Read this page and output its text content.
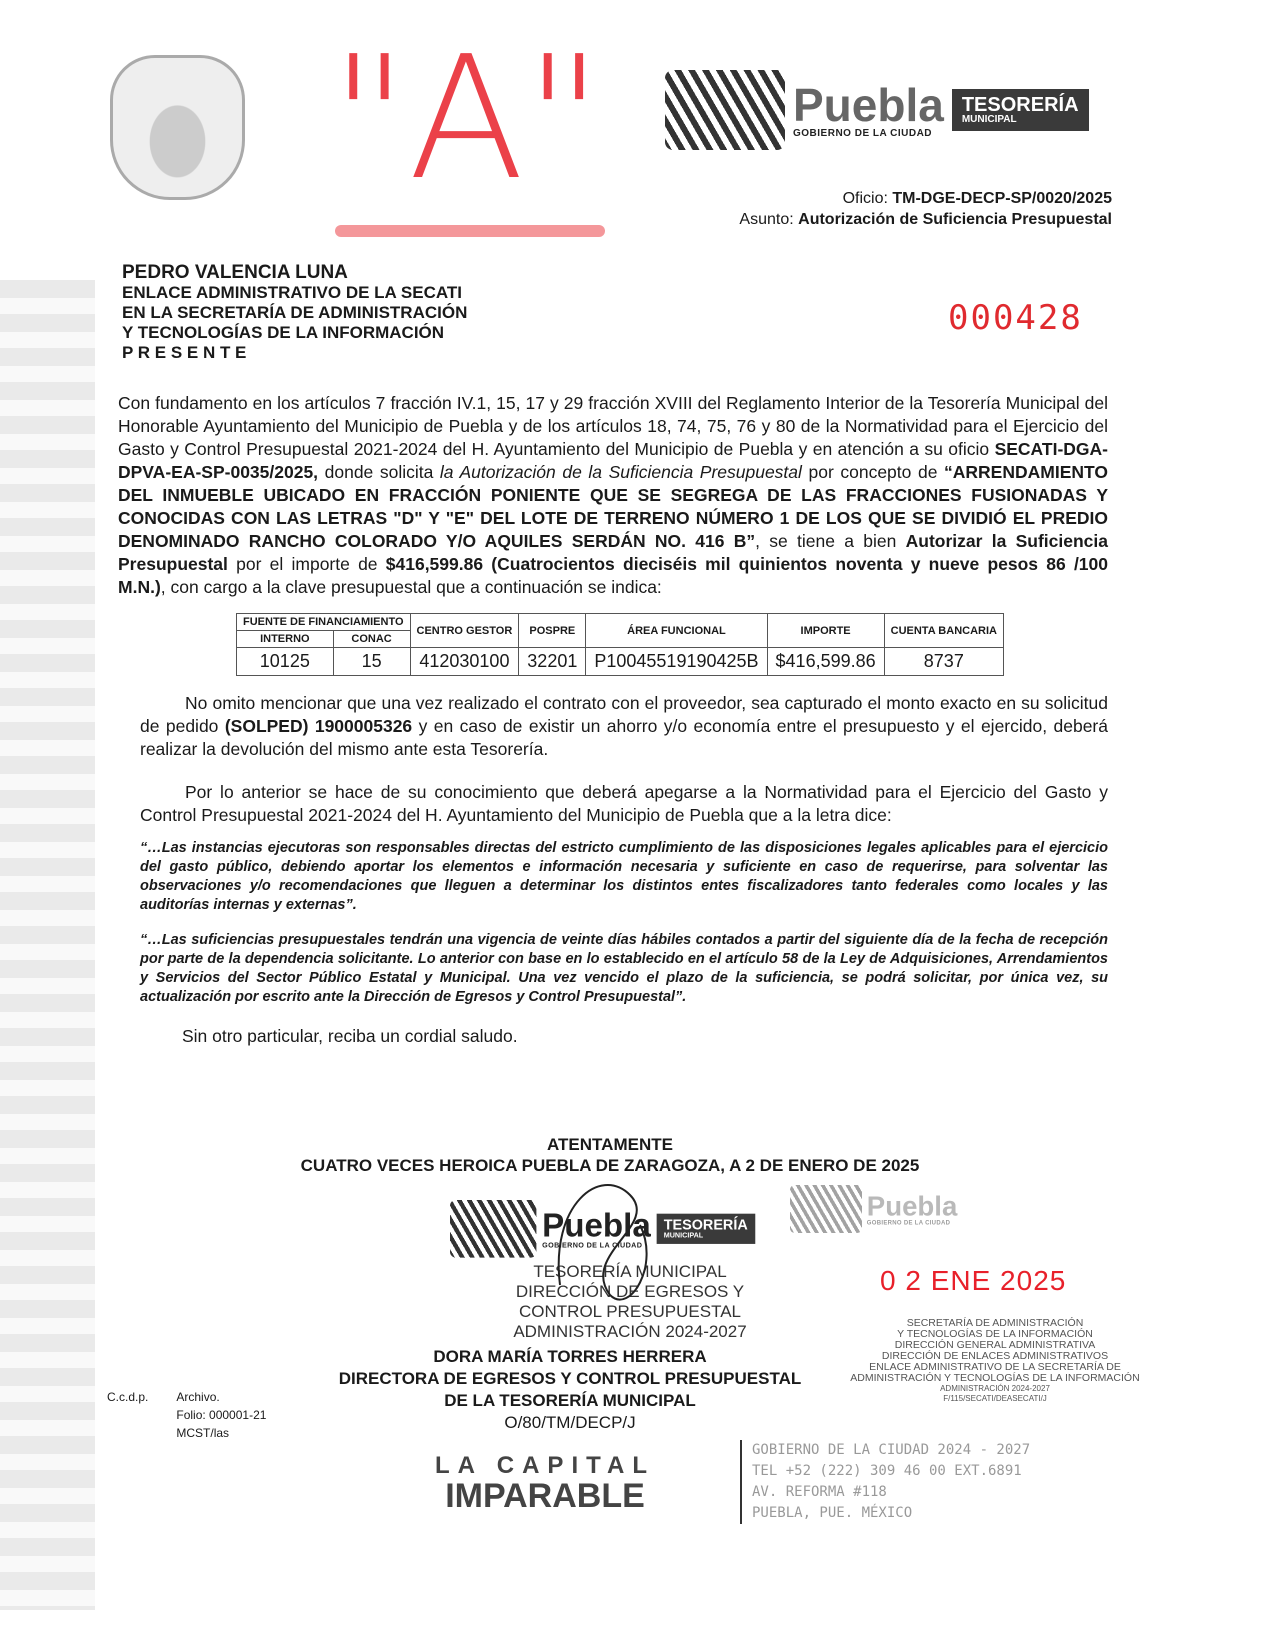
"A"	Puebla
GOBIERNO DE LA CIUDAD
TESORERÍA
MUNICIPAL
Oficio: TM-DGE-DECP-SP/0020/2025
Asunto: Autorización de Suficiencia Presupuestal
PEDRO VALENCIA LUNA
ENLACE ADMINISTRATIVO DE LA SECATI
EN LA SECRETARÍA DE ADMINISTRACIÓN
Y TECNOLOGÍAS DE LA INFORMACIÓN
P R E S E N T E
000428
Con fundamento en los artículos 7 fracción IV.1, 15, 17 y 29 fracción XVIII del Reglamento Interior de la Tesorería Municipal del Honorable Ayuntamiento del Municipio de Puebla y de los artículos 18, 74, 75, 76 y 80 de la Normatividad para el Ejercicio del Gasto y Control Presupuestal 2021-2024 del H. Ayuntamiento del Municipio de Puebla y en atención a su oficio SECATI-DGA-DPVA-EA-SP-0035/2025, donde solicita la Autorización de la Suficiencia Presupuestal por concepto de “ARRENDAMIENTO DEL INMUEBLE UBICADO EN FRACCIÓN PONIENTE QUE SE SEGREGA DE LAS FRACCIONES FUSIONADAS Y CONOCIDAS CON LAS LETRAS "D" Y "E" DEL LOTE DE TERRENO NÚMERO 1 DE LOS QUE SE DIVIDIÓ EL PREDIO DENOMINADO RANCHO COLORADO Y/O AQUILES SERDÁN NO. 416 B”, se tiene a bien Autorizar la Suficiencia Presupuestal por el importe de $416,599.86 (Cuatrocientos dieciséis mil quinientos noventa y nueve pesos 86 /100 M.N.), con cargo a la clave presupuestal que a continuación se indica:
FUENTE DE FINANCIAMIENTO		CENTRO GESTOR	POSPRE	ÁREA FUNCIONAL	IMPORTE	CUENTA BANCARIA
INTERNO	CONAC					
10125	15	412030100	32201	P10045519190425B	$416,599.86	8737
No omito mencionar que una vez realizado el contrato con el proveedor, sea capturado el monto exacto en su solicitud de pedido (SOLPED) 1900005326 y en caso de existir un ahorro y/o economía entre el presupuesto y el ejercido, deberá realizar la devolución del mismo ante esta Tesorería.
Por lo anterior se hace de su conocimiento que deberá apegarse a la Normatividad para el Ejercicio del Gasto y Control Presupuestal 2021-2024 del H. Ayuntamiento del Municipio de Puebla que a la letra dice:
“…Las instancias ejecutoras son responsables directas del estricto cumplimiento de las disposiciones legales aplicables para el ejercicio del gasto público, debiendo aportar los elementos e información necesaria y suficiente en caso de requerirse, para solventar las observaciones y/o recomendaciones que lleguen a determinar los distintos entes fiscalizadores tanto federales como locales y las auditorías internas y externas”.
“…Las suficiencias presupuestales tendrán una vigencia de veinte días hábiles contados a partir del siguiente día de la fecha de recepción por parte de la dependencia solicitante. Lo anterior con base en lo establecido en el artículo 58 de la Ley de Adquisiciones, Arrendamientos y Servicios del Sector Público Estatal y Municipal. Una vez vencido el plazo de la suficiencia, se podrá solicitar, por única vez, su actualización por escrito ante la Dirección de Egresos y Control Presupuestal”.
Sin otro particular, reciba un cordial saludo.
ATENTAMENTE
CUATRO VECES HEROICA PUEBLA DE ZARAGOZA, A 2 DE ENERO DE 2025
Puebla
GOBIERNO DE LA CIUDAD
TESORERÍA
MUNICIPAL
Puebla
GOBIERNO DE LA CIUDAD
TESORERÍA MUNICIPAL
DIRECCIÓN DE EGRESOS Y
CONTROL PRESUPUESTAL
ADMINISTRACIÓN 2024-2027
DORA MARÍA TORRES HERRERA
DIRECTORA DE EGRESOS Y CONTROL PRESUPUESTAL
DE LA TESORERÍA MUNICIPAL
O/80/TM/DECP/J
0 2 ENE 2025
SECRETARÍA DE ADMINISTRACIÓN
Y TECNOLOGÍAS DE LA INFORMACIÓN
DIRECCIÓN GENERAL ADMINISTRATIVA
DIRECCIÓN DE ENLACES ADMINISTRATIVOS
ENLACE ADMINISTRATIVO DE LA SECRETARÍA DE
ADMINISTRACIÓN Y TECNOLOGÍAS DE LA INFORMACIÓN
ADMINISTRACIÓN 2024-2027
F/115/SECATI/DEASECATI/J
C.c.d.p. Archivo.
Folio: 000001-21
MCST/las
LA CAPITAL
IMPARABLE
GOBIERNO DE LA CIUDAD 2024 - 2027
TEL +52 (222) 309 46 00 EXT.6891
AV. REFORMA #118
PUEBLA, PUE. MÉXICO
